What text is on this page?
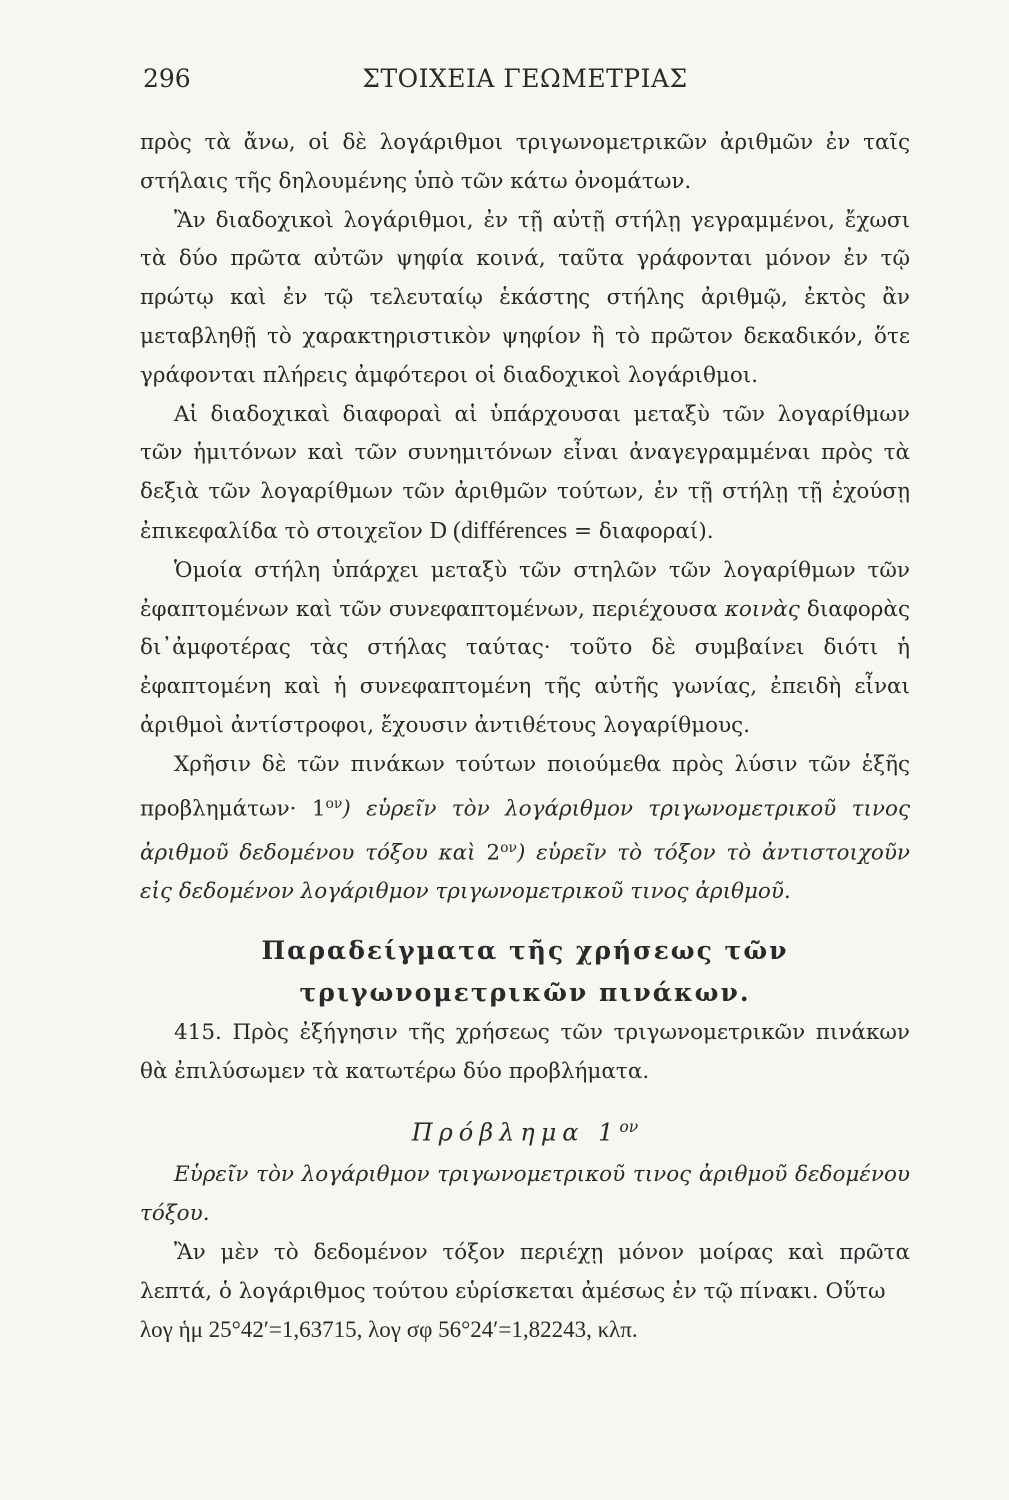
296	ΣΤΟΙΧΕΙΑ ΓΕΩΜΕΤΡΙΑΣ

πρὸς τὰ ἄνω, οἱ δὲ λογάριθμοι τριγωνομετρικῶν ἀριθμῶν ἐν ταῖς στήλαις τῆς δηλουμένης ὑπὸ τῶν κάτω ὀνομάτων.

Ἂν διαδοχικοὶ λογάριθμοι, ἐν τῇ αὐτῇ στήλῃ γεγραμμένοι, ἔχωσι τὰ δύο πρῶτα αὐτῶν ψηφία κοινά, ταῦτα γράφονται μόνον ἐν τῷ πρώτῳ καὶ ἐν τῷ τελευταίῳ ἑκάστης στήλης ἀριθμῷ, ἐκτὸς ἂν μεταβληθῇ τὸ χαρακτηριστικὸν ψηφίον ἢ τὸ πρῶτον δεκαδικόν, ὅτε γράφονται πλήρεις ἀμφότεροι οἱ διαδοχικοὶ λογάριθμοι.

Αἱ διαδοχικαὶ διαφοραὶ αἱ ὑπάρχουσαι μεταξὺ τῶν λογαρίθμων τῶν ἡμιτόνων καὶ τῶν συνημιτόνων εἶναι ἀναγεγραμμέναι πρὸς τὰ δεξιὰ τῶν λογαρίθμων τῶν ἀριθμῶν τούτων, ἐν τῇ στήλῃ τῇ ἐχούσῃ ἐπικεφαλίδα τὸ στοιχεῖον D (différences = διαφοραί).

Ὁμοία στήλη ὑπάρχει μεταξὺ τῶν στηλῶν τῶν λογαρίθμων τῶν ἐφαπτομένων καὶ τῶν συνεφαπτομένων, περιέχουσα κοινὰς διαφορὰς δι᾽ἀμφοτέρας τὰς στήλας ταύτας· τοῦτο δὲ συμβαίνει διότι ἡ ἐφαπτομένη καὶ ἡ συνεφαπτομένη τῆς αὐτῆς γωνίας, ἐπειδὴ εἶναι ἀριθμοὶ ἀντίστροφοι, ἔχουσιν ἀντιθέτους λογαρίθμους.

Χρῆσιν δὲ τῶν πινάκων τούτων ποιούμεθα πρὸς λύσιν τῶν ἑξῆς $\pi\rho o\beta\lambda\eta\mu ά\tau\omega\nu\cdot 1^{o\nu}$) εὑρεῖν τὸν λογάριθμον τριγωνομετρικοῦ τινος ἀριθμοῦ δεδομένου τόξου καὶ $2^{o\nu}$) εὑρεῖν τὸ τόξον τὸ ἀντιστοιχοῦν εἰς δεδομένον λογάριθμον τριγωνομετρικοῦ τινος ἀριθμοῦ.

Παραδείγματα τῆς χρήσεως τῶν
τριγωνομετρικῶν πινάκων.

415. Πρὸς ἐξήγησιν τῆς χρήσεως τῶν τριγωνομετρικῶν πινάκων θὰ ἐπιλύσωμεν τὰ κατωτέρω δύο προβλήματα.

Πρόβλημα $1^{o\nu}$

Εὑρεῖν τὸν λογάριθμον τριγωνομετρικοῦ τινος ἀριθμοῦ δεδομένου τόξου.

Ἂν μὲν τὸ δεδομένον τόξον περιέχῃ μόνον μοίρας καὶ πρῶτα λεπτά, ὁ λογάριθμος τούτου εὑρίσκεται ἀμέσως ἐν τῷ πίνακι. Οὕτω

λογ ἡμ 25°42′=1,63715, λογ σφ 56°24′=1,82243, κλπ.
